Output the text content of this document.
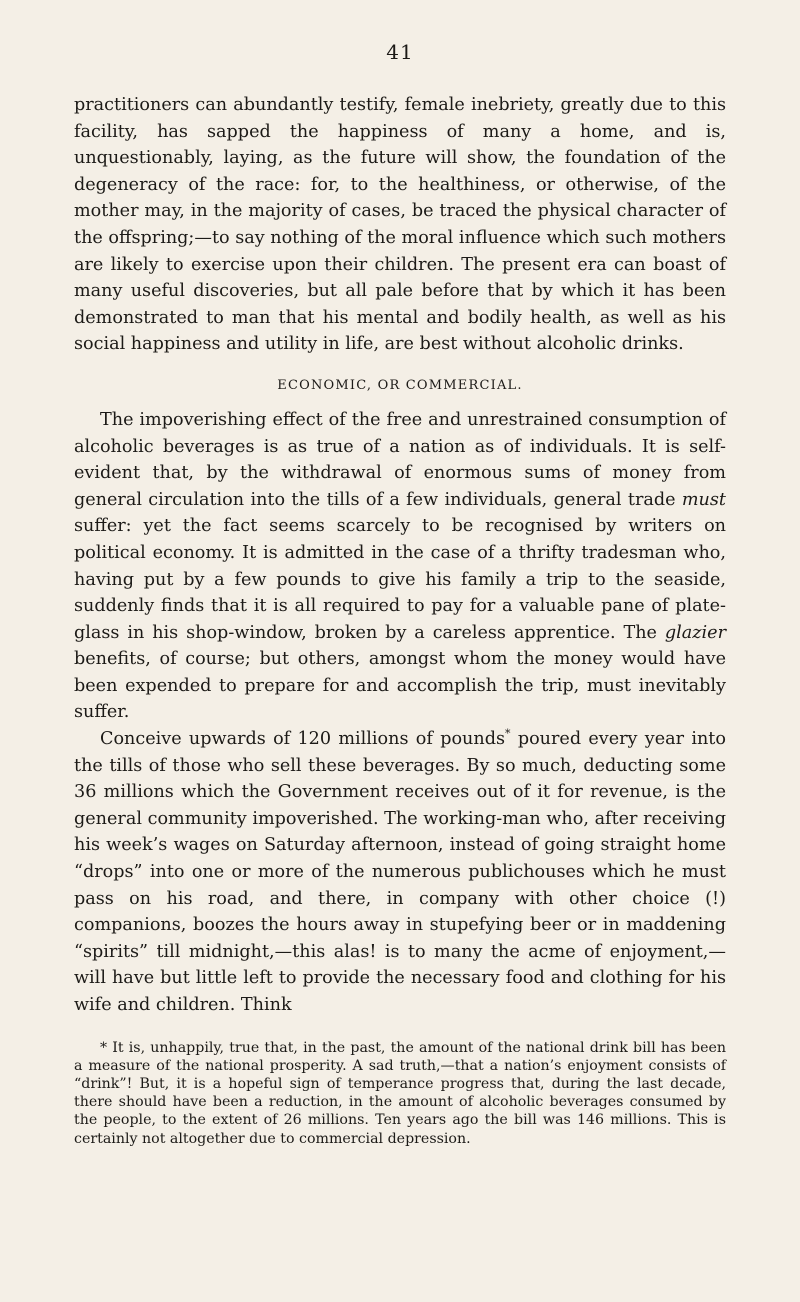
41

practitioners can abundantly testify, female inebriety, greatly due to this facility, has sapped the happiness of many a home, and is, unquestionably, laying, as the future will show, the foundation of the degeneracy of the race: for, to the healthiness, or otherwise, of the mother may, in the majority of cases, be traced the physical character of the offspring;—to say nothing of the moral influence which such mothers are likely to exercise upon their children. The present era can boast of many useful discoveries, but all pale before that by which it has been demonstrated to man that his mental and bodily health, as well as his social happiness and utility in life, are best without alcoholic drinks.

ECONOMIC, OR COMMERCIAL.

The impoverishing effect of the free and unrestrained consumption of alcoholic beverages is as true of a nation as of individuals. It is self-evident that, by the withdrawal of enormous sums of money from general circulation into the tills of a few individuals, general trade must suffer: yet the fact seems scarcely to be recognised by writers on political economy. It is admitted in the case of a thrifty tradesman who, having put by a few pounds to give his family a trip to the seaside, suddenly finds that it is all required to pay for a valuable pane of plate-glass in his shop-window, broken by a careless apprentice. The glazier benefits, of course; but others, amongst whom the money would have been expended to prepare for and accomplish the trip, must inevitably suffer.

Conceive upwards of 120 millions of pounds* poured every year into the tills of those who sell these beverages. By so much, deducting some 36 millions which the Government receives out of it for revenue, is the general community impoverished. The working-man who, after receiving his week’s wages on Saturday afternoon, instead of going straight home “drops” into one or more of the numerous publichouses which he must pass on his road, and there, in company with other choice (!) companions, boozes the hours away in stupefying beer or in maddening “spirits” till midnight,—this alas! is to many the acme of enjoyment,—will have but little left to provide the necessary food and clothing for his wife and children. Think

* It is, unhappily, true that, in the past, the amount of the national drink bill has been a measure of the national prosperity. A sad truth,—that a nation’s enjoyment consists of “drink”! But, it is a hopeful sign of temperance progress that, during the last decade, there should have been a reduction, in the amount of alcoholic beverages consumed by the people, to the extent of 26 millions. Ten years ago the bill was 146 millions. This is certainly not altogether due to commercial depression.
